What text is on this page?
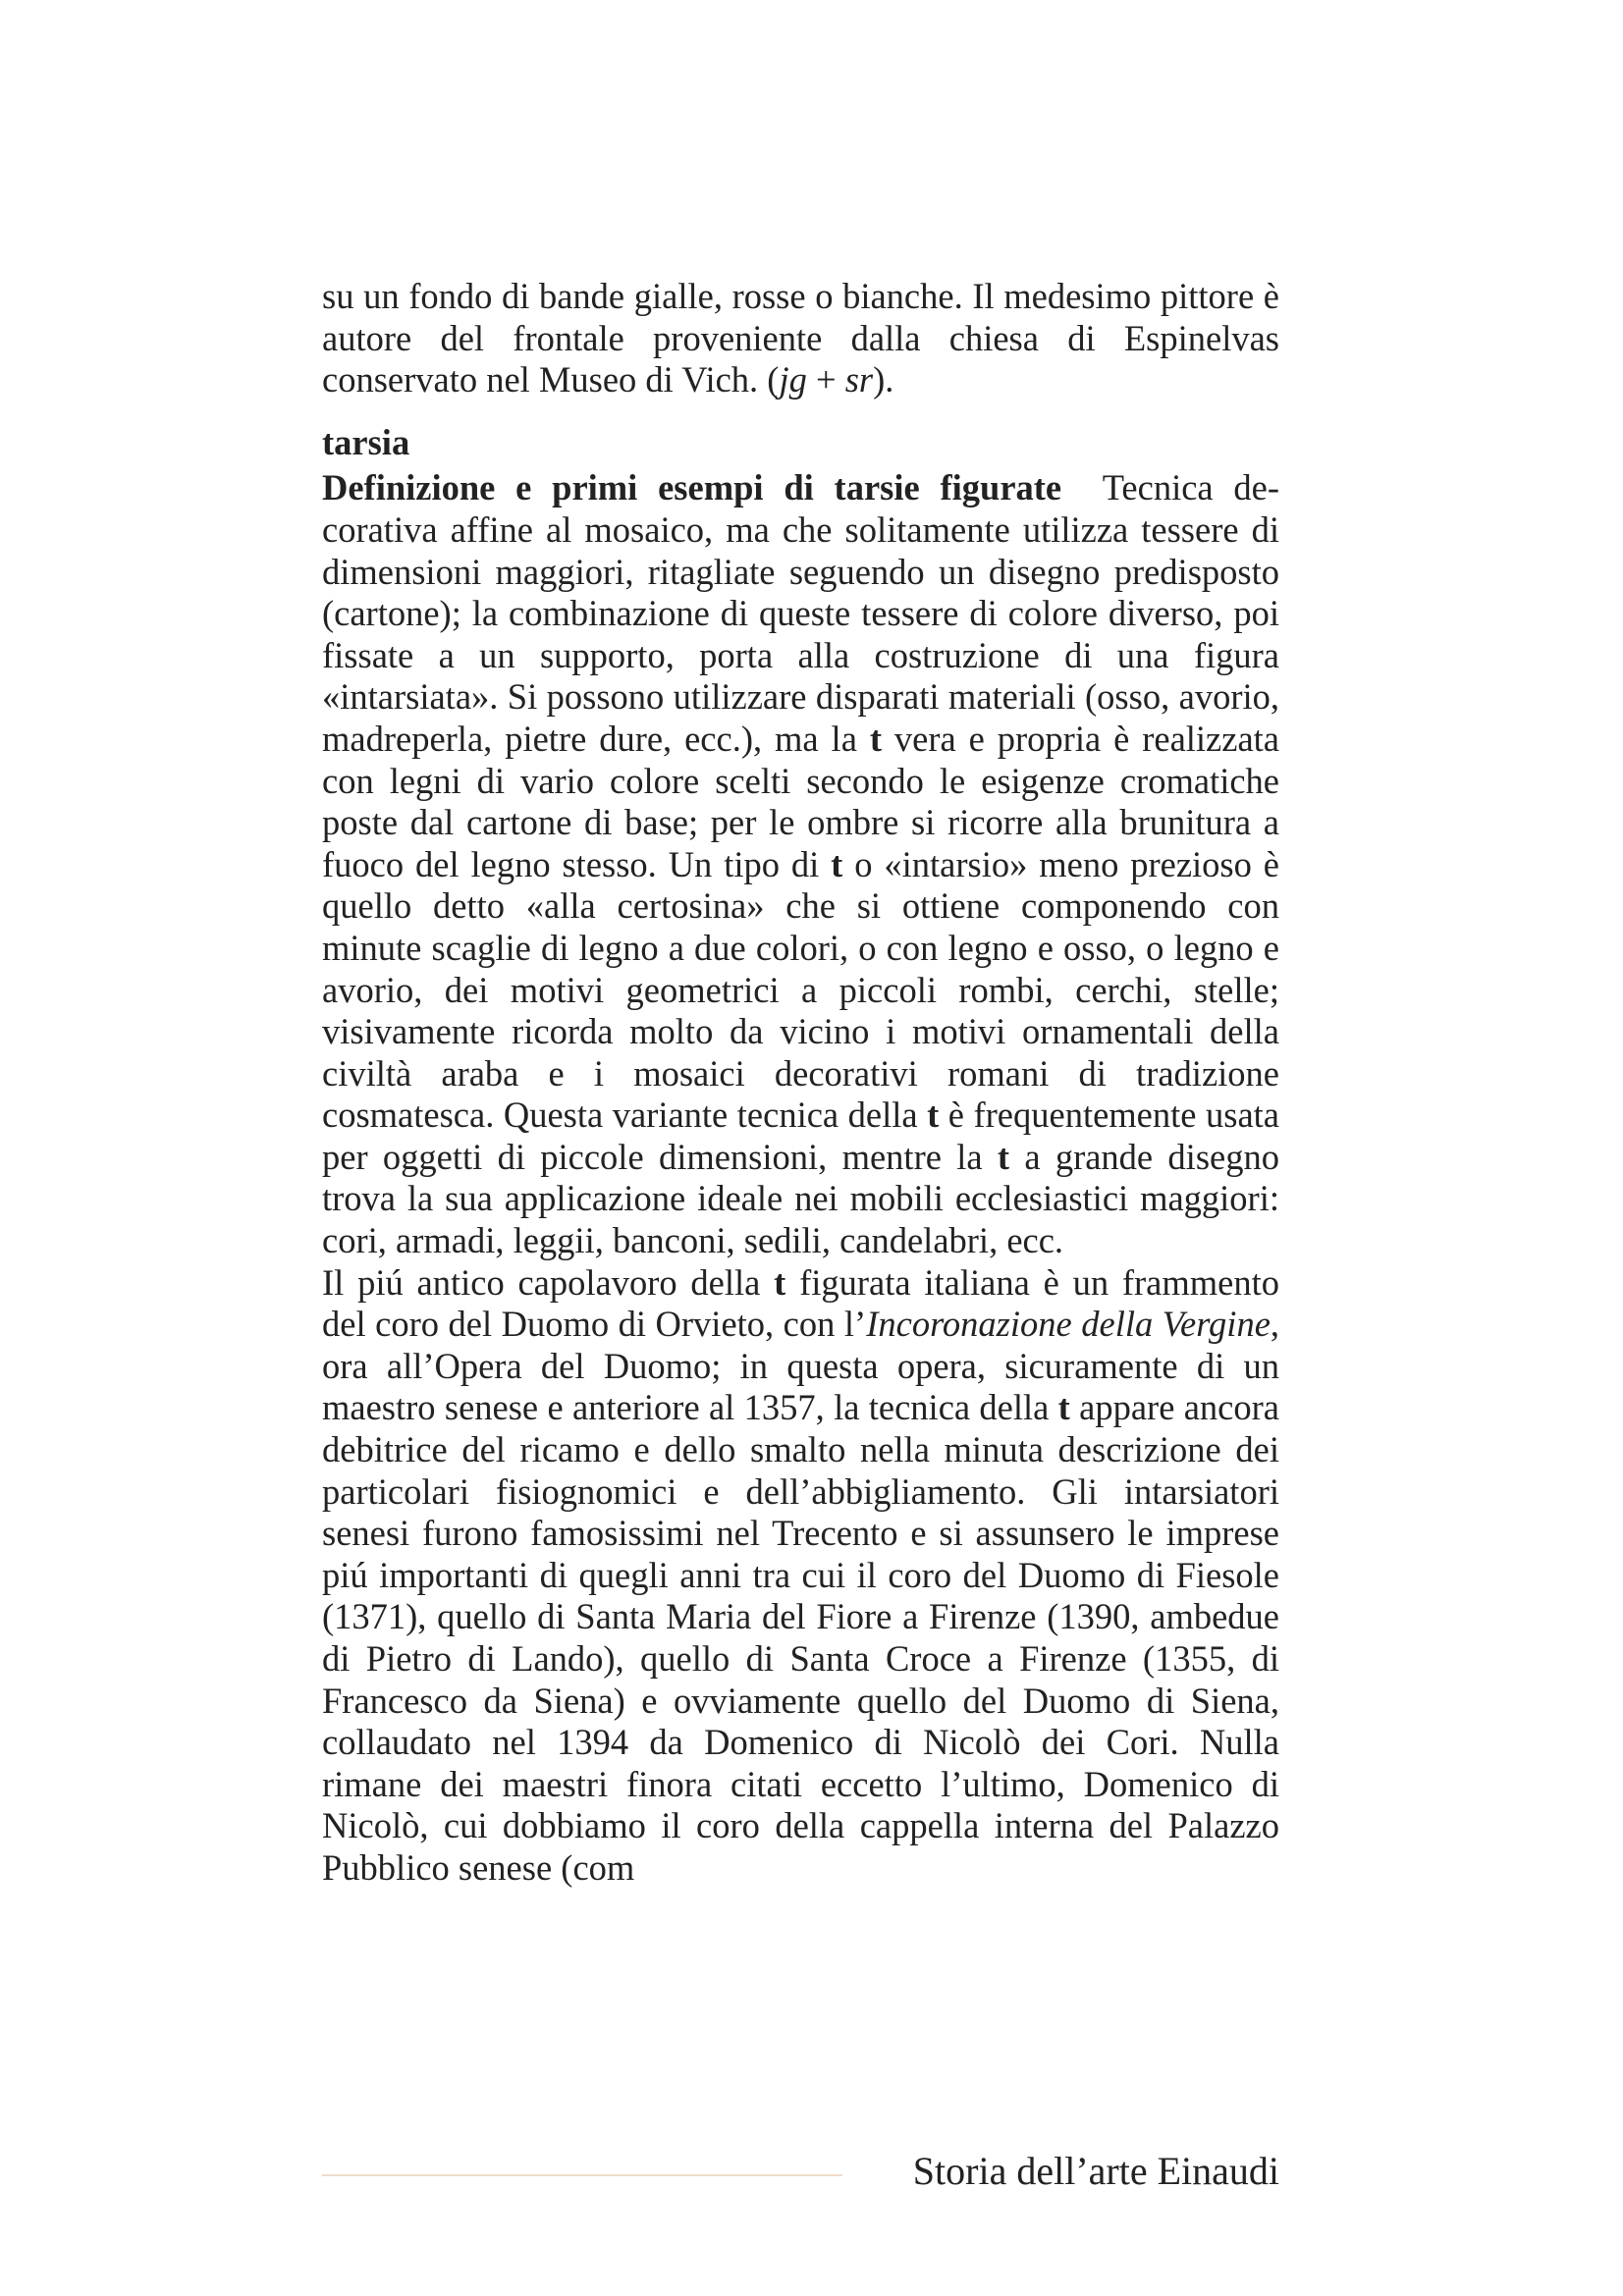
su un fondo di bande gialle, rosse o bianche. Il medesimo pittore è autore del frontale proveniente dalla chiesa di Espinelvas conservato nel Museo di Vich. (jg + sr).

tarsia

Definizione e primi esempi di tarsie figurate Tecnica decorativa affine al mosaico, ma che solitamente utilizza tessere di dimensioni maggiori, ritagliate seguendo un disegno predisposto (cartone); la combinazione di queste tessere di colore diverso, poi fissate a un supporto, porta alla costruzione di una figura «intarsiata». Si possono utilizzare disparati materiali (osso, avorio, madreperla, pietre dure, ecc.), ma la t vera e propria è realizzata con legni di vario colore scelti secondo le esigenze cromatiche poste dal cartone di base; per le ombre si ricorre alla brunitura a fuoco del legno stesso. Un tipo di t o «intarsio» meno prezioso è quello detto «alla certosina» che si ottiene componendo con minute scaglie di legno a due colori, o con legno e osso, o legno e avorio, dei motivi geometrici a piccoli rombi, cerchi, stelle; visivamente ricorda molto da vicino i motivi ornamentali della civiltà araba e i mosaici decorativi romani di tradizione cosmatesca. Questa variante tecnica della t è frequentemente usata per oggetti di piccole dimensioni, mentre la t a grande disegno trova la sua applicazione ideale nei mobili ecclesiastici maggiori: cori, armadi, leggii, banconi, sedili, candelabri, ecc.

Il piú antico capolavoro della t figurata italiana è un frammento del coro del Duomo di Orvieto, con l’Incoronazione della Vergine, ora all’Opera del Duomo; in questa opera, sicuramente di un maestro senese e anteriore al 1357, la tecnica della t appare ancora debitrice del ricamo e dello smalto nella minuta descrizione dei particolari fisiognomici e dell’abbigliamento. Gli intarsiatori senesi furono famosissimi nel Trecento e si assunsero le imprese piú importanti di quegli anni tra cui il coro del Duomo di Fiesole (1371), quello di Santa Maria del Fiore a Firenze (1390, ambedue di Pietro di Lando), quello di Santa Croce a Firenze (1355, di Francesco da Siena) e ovviamente quello del Duomo di Siena, collaudato nel 1394 da Domenico di Nicolò dei Cori. Nulla rimane dei maestri finora citati eccetto l’ultimo, Domenico di Nicolò, cui dobbiamo il coro della cappella interna del Palazzo Pubblico senese (com

Storia dell’arte Einaudi
